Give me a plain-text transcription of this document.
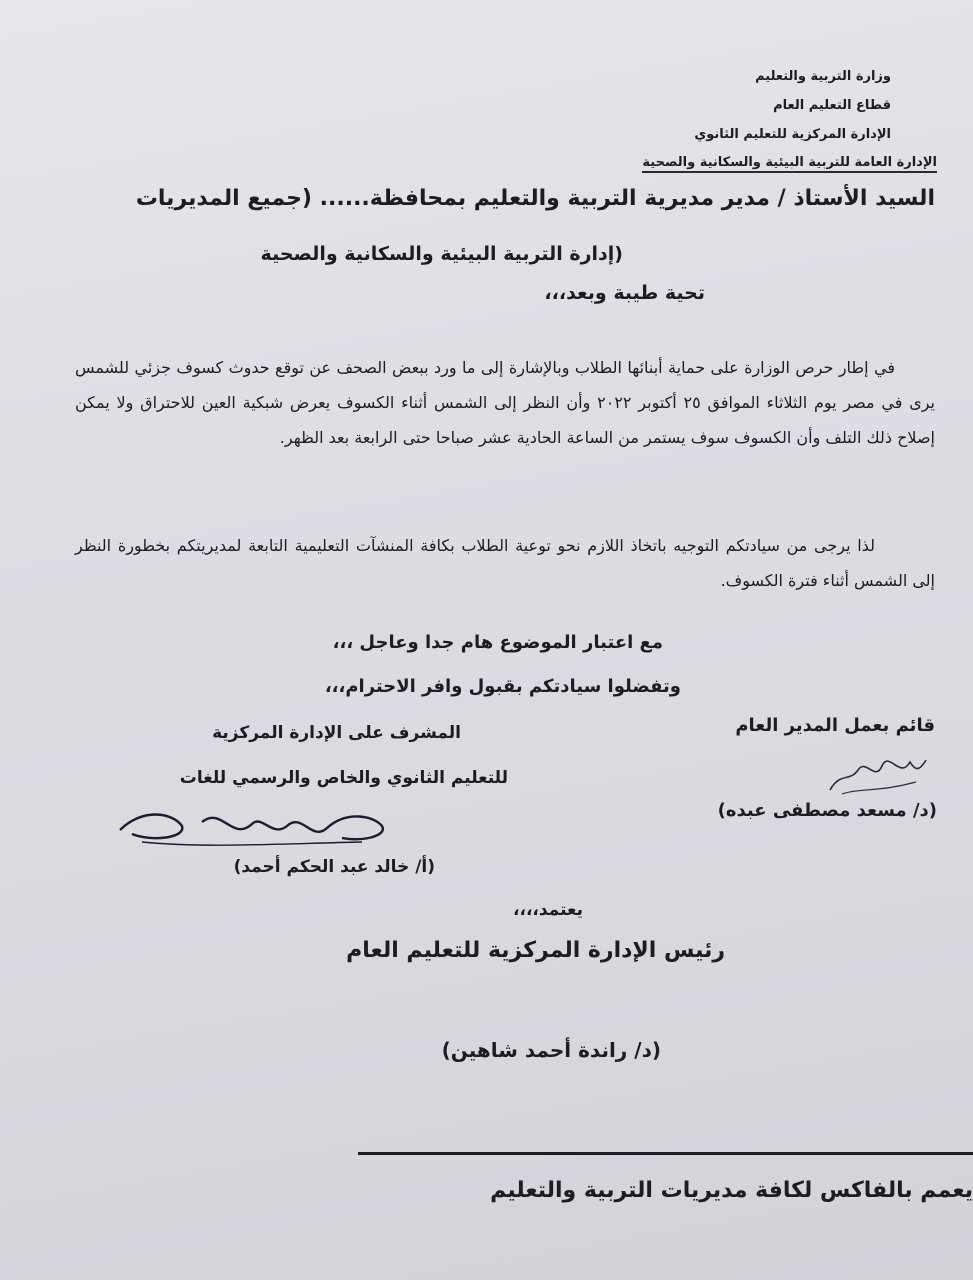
وزارة التربية والتعليم
قطاع التعليم العام
الإدارة المركزية للتعليم الثانوي
الإدارة العامة للتربية البيئية والسكانية والصحية
السيد الأستاذ / مدير مديرية التربية والتعليم بمحافظة...... (جميع المديريات
(إدارة التربية البيئية والسكانية والصحية
تحية طيبة وبعد،،،
في إطار حرص الوزارة على حماية أبنائها الطلاب وبالإشارة إلى ما ورد ببعض الصحف عن توقع حدوث كسوف جزئي للشمس يرى في مصر يوم الثلاثاء الموافق ٢٥ أكتوبر ٢٠٢٢ وأن النظر إلى الشمس أثناء الكسوف يعرض شبكية العين للاحتراق ولا يمكن إصلاح ذلك التلف وأن الكسوف سوف يستمر من الساعة الحادية عشر صباحا حتى الرابعة بعد الظهر.
لذا يرجى من سيادتكم التوجيه باتخاذ اللازم نحو توعية الطلاب بكافة المنشآت التعليمية التابعة لمديريتكم بخطورة النظر إلى الشمس أثناء فترة الكسوف.
مع اعتبار الموضوع هام جدا وعاجل ،،،
وتفضلوا سيادتكم بقبول وافر الاحترام،،،
قائم بعمل المدير العام
(د/ مسعد مصطفى عبده)
المشرف على الإدارة المركزية
للتعليم الثانوي والخاص والرسمي للغات
(أ/ خالد عبد الحكم أحمد)
يعتمد،،،،
رئيس الإدارة المركزية للتعليم العام
(د/ راندة أحمد شاهين)
يعمم بالفاكس لكافة مديريات التربية والتعليم
